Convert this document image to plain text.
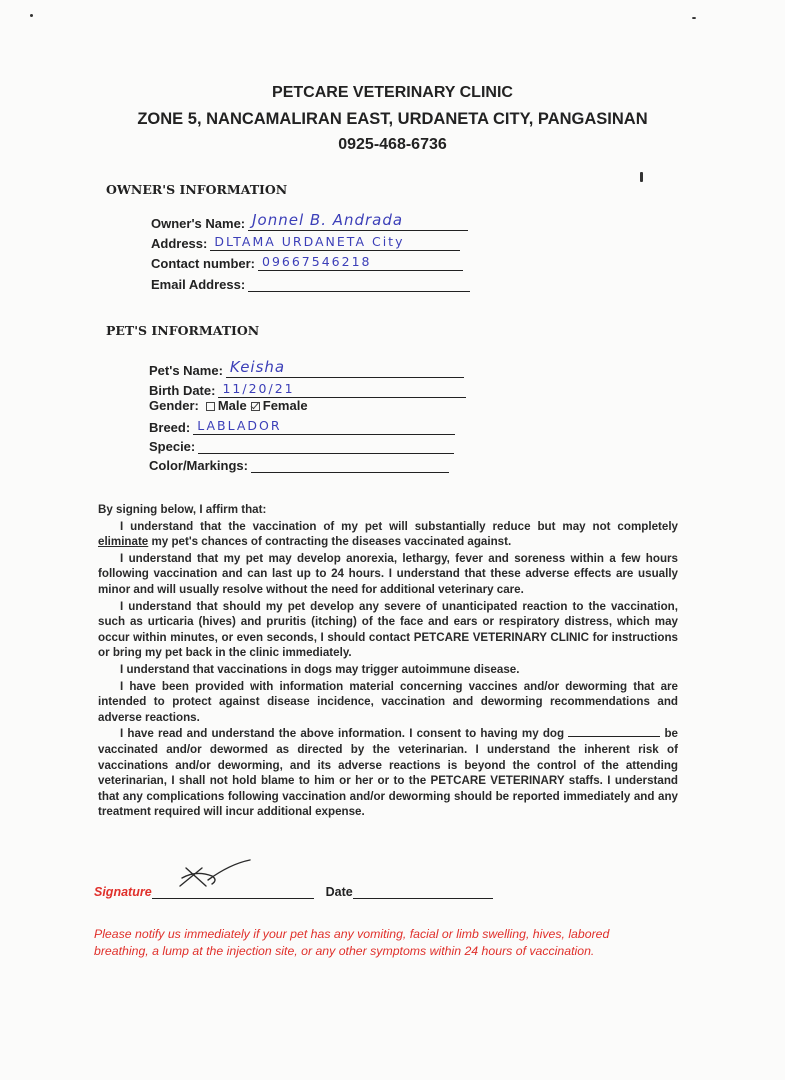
PETCARE VETERINARY CLINIC
ZONE 5, NANCAMALIRAN EAST, URDANETA CITY, PANGASINAN
0925-468-6736
OWNER'S INFORMATION
Owner's Name: Jonnel B. Andrada
Address: DLTAMA URDANETA City
Contact number: 09667546218
Email Address:
PET'S INFORMATION
Pet's Name: Keisha
Birth Date: 11/20/21
Gender: Male Female
Breed: LABLADOR
Specie:
Color/Markings:

By signing below, I affirm that:

I understand that the vaccination of my pet will substantially reduce but may not completely eliminate my pet's chances of contracting the diseases vaccinated against.

I understand that my pet may develop anorexia, lethargy, fever and soreness within a few hours following vaccination and can last up to 24 hours. I understand that these adverse effects are usually minor and will usually resolve without the need for additional veterinary care.

I understand that should my pet develop any severe of unanticipated reaction to the vaccination, such as urticaria (hives) and pruritis (itching) of the face and ears or respiratory distress, which may occur within minutes, or even seconds, I should contact PETCARE VETERINARY CLINIC for instructions or bring my pet back in the clinic immediately.

I understand that vaccinations in dogs may trigger autoimmune disease.

I have been provided with information material concerning vaccines and/or deworming that are intended to protect against disease incidence, vaccination and deworming recommendations and adverse reactions.

I have read and understand the above information. I consent to having my dog	be vaccinated and/or dewormed as directed by the veterinarian. I understand the inherent risk of vaccinations and/or deworming, and its adverse reactions is beyond the control of the attending veterinarian, I shall not hold blame to him or her or to the PETCARE VETERINARY staffs. I understand that any complications following vaccination and/or deworming should be reported immediately and any treatment required will incur additional expense.

Signature	Date
Please notify us immediately if your pet has any vomiting, facial or limb swelling, hives, labored breathing, a lump at the injection site, or any other symptoms within 24 hours of vaccination.
